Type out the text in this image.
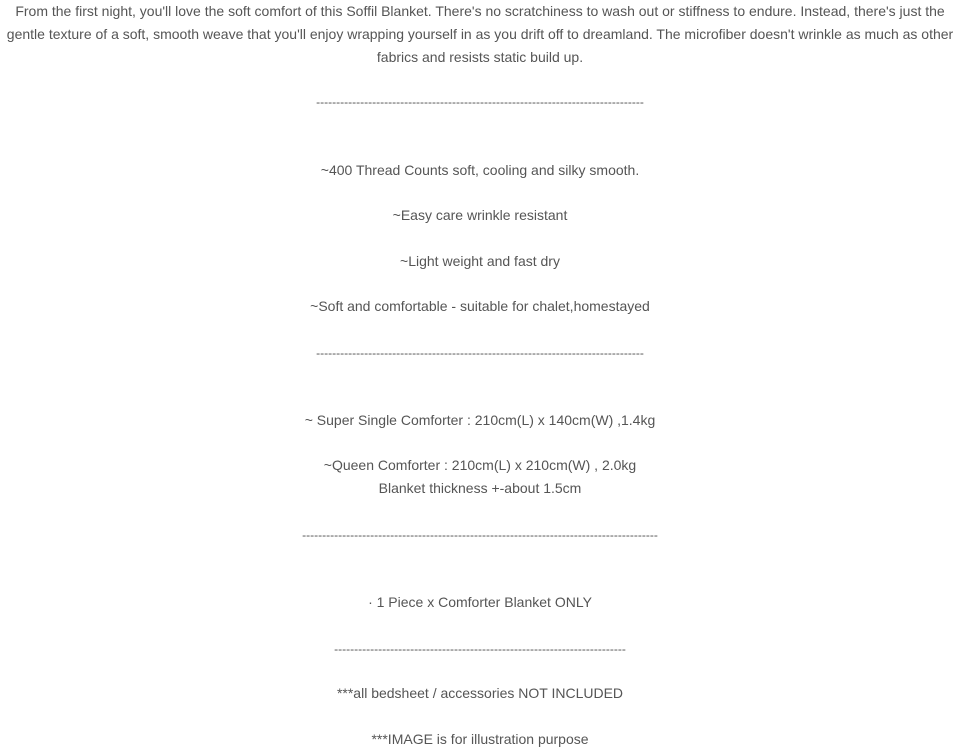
From the first night, you'll love the soft comfort of this Soffil Blanket. There's no scratchiness to wash out or stiffness to endure. Instead, there's just the gentle texture of a soft, smooth weave that you'll enjoy wrapping yourself in as you drift off to dreamland. The microfiber doesn't wrinkle as much as other fabrics and resists static build up.

----------------------------------------------------------------------------------

~400 Thread Counts soft, cooling and silky smooth.

~Easy care wrinkle resistant

~Light weight and fast dry

~Soft and comfortable - suitable for chalet,homestayed

----------------------------------------------------------------------------------

~ Super Single Comforter : 210cm(L) x 140cm(W) ,1.4kg

~Queen Comforter : 210cm(L) x 210cm(W) , 2.0kg

Blanket thickness +-about 1.5cm

-----------------------------------------------------------------------------------------

· 1 Piece x Comforter Blanket ONLY

-------------------------------------------------------------------------

***all bedsheet / accessories NOT INCLUDED

***IMAGE is for illustration purpose
